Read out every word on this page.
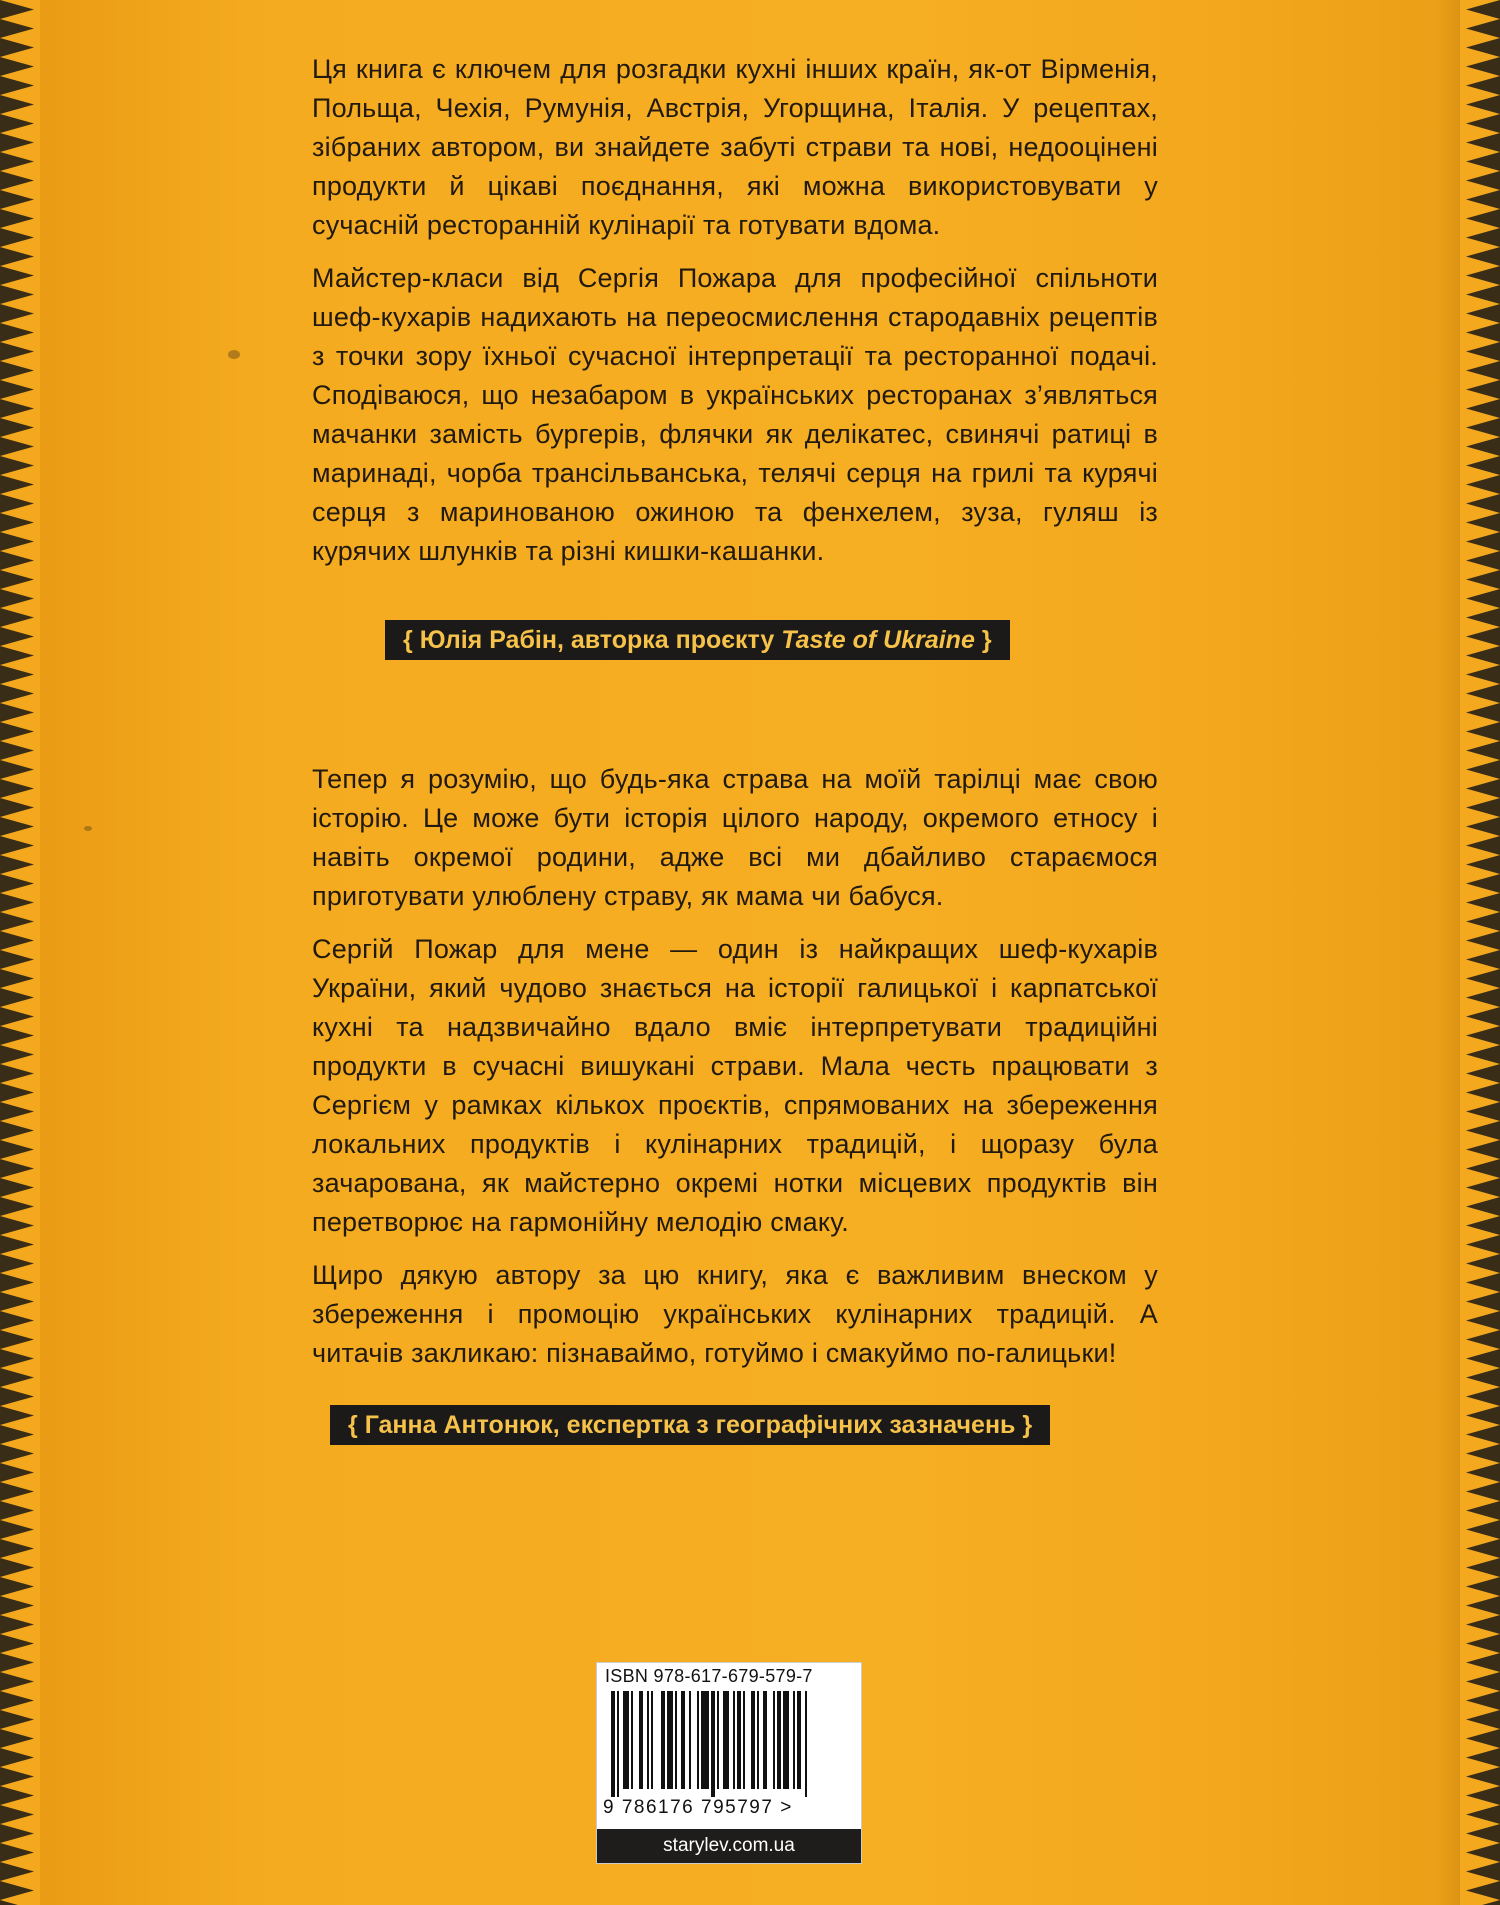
Ця книга є ключем для розгадки кухні інших країн, як-от Вірменія, Польща, Чехія, Румунія, Австрія, Угорщина, Італія. У рецептах, зібраних автором, ви знайдете забуті страви та нові, недооцінені продукти й цікаві поєднання, які можна використовувати у сучасній ресторанній кулінарії та готувати вдома.

Майстер-класи від Сергія Пожара для професійної спільноти шеф-кухарів надихають на переосмислення стародавніх рецептів з точки зору їхньої сучасної інтерпретації та ресторанної подачі. Сподіваюся, що незабаром в українських ресторанах з’являться мачанки замість бургерів, флячки як делікатес, свинячі ратиці в маринаді, чорба трансільванська, телячі серця на грилі та курячі серця з маринованою ожиною та фенхелем, зуза, гуляш із курячих шлунків та різні кишки-кашанки.

{ Юлія Рабін, авторка проєкту Taste of Ukraine }

Тепер я розумію, що будь-яка страва на моїй тарілці має свою історію. Це може бути історія цілого народу, окремого етносу і навіть окремої родини, адже всі ми дбайливо стараємося приготувати улюблену страву, як мама чи бабуся.

Сергій Пожар для мене — один із найкращих шеф-кухарів України, який чудово знається на історії галицької і карпатської кухні та надзвичайно вдало вміє інтерпретувати традиційні продукти в сучасні вишукані страви. Мала честь працювати з Сергієм у рамках кількох проєктів, спрямованих на збереження локальних продуктів і кулінарних традицій, і щоразу була зачарована, як майстерно окремі нотки місцевих продуктів він перетворює на гармонійну мелодію смаку.

Щиро дякую автору за цю книгу, яка є важливим внеском у збереження і промоцію українських кулінарних традицій. А читачів закликаю: пізнаваймо, готуймо і смакуймо по-галицьки!

{ Ганна Антонюк, експертка з географічних зазначень }
ISBN 978-617-679-579-7
9 786176 795797 >
starylev.com.ua
